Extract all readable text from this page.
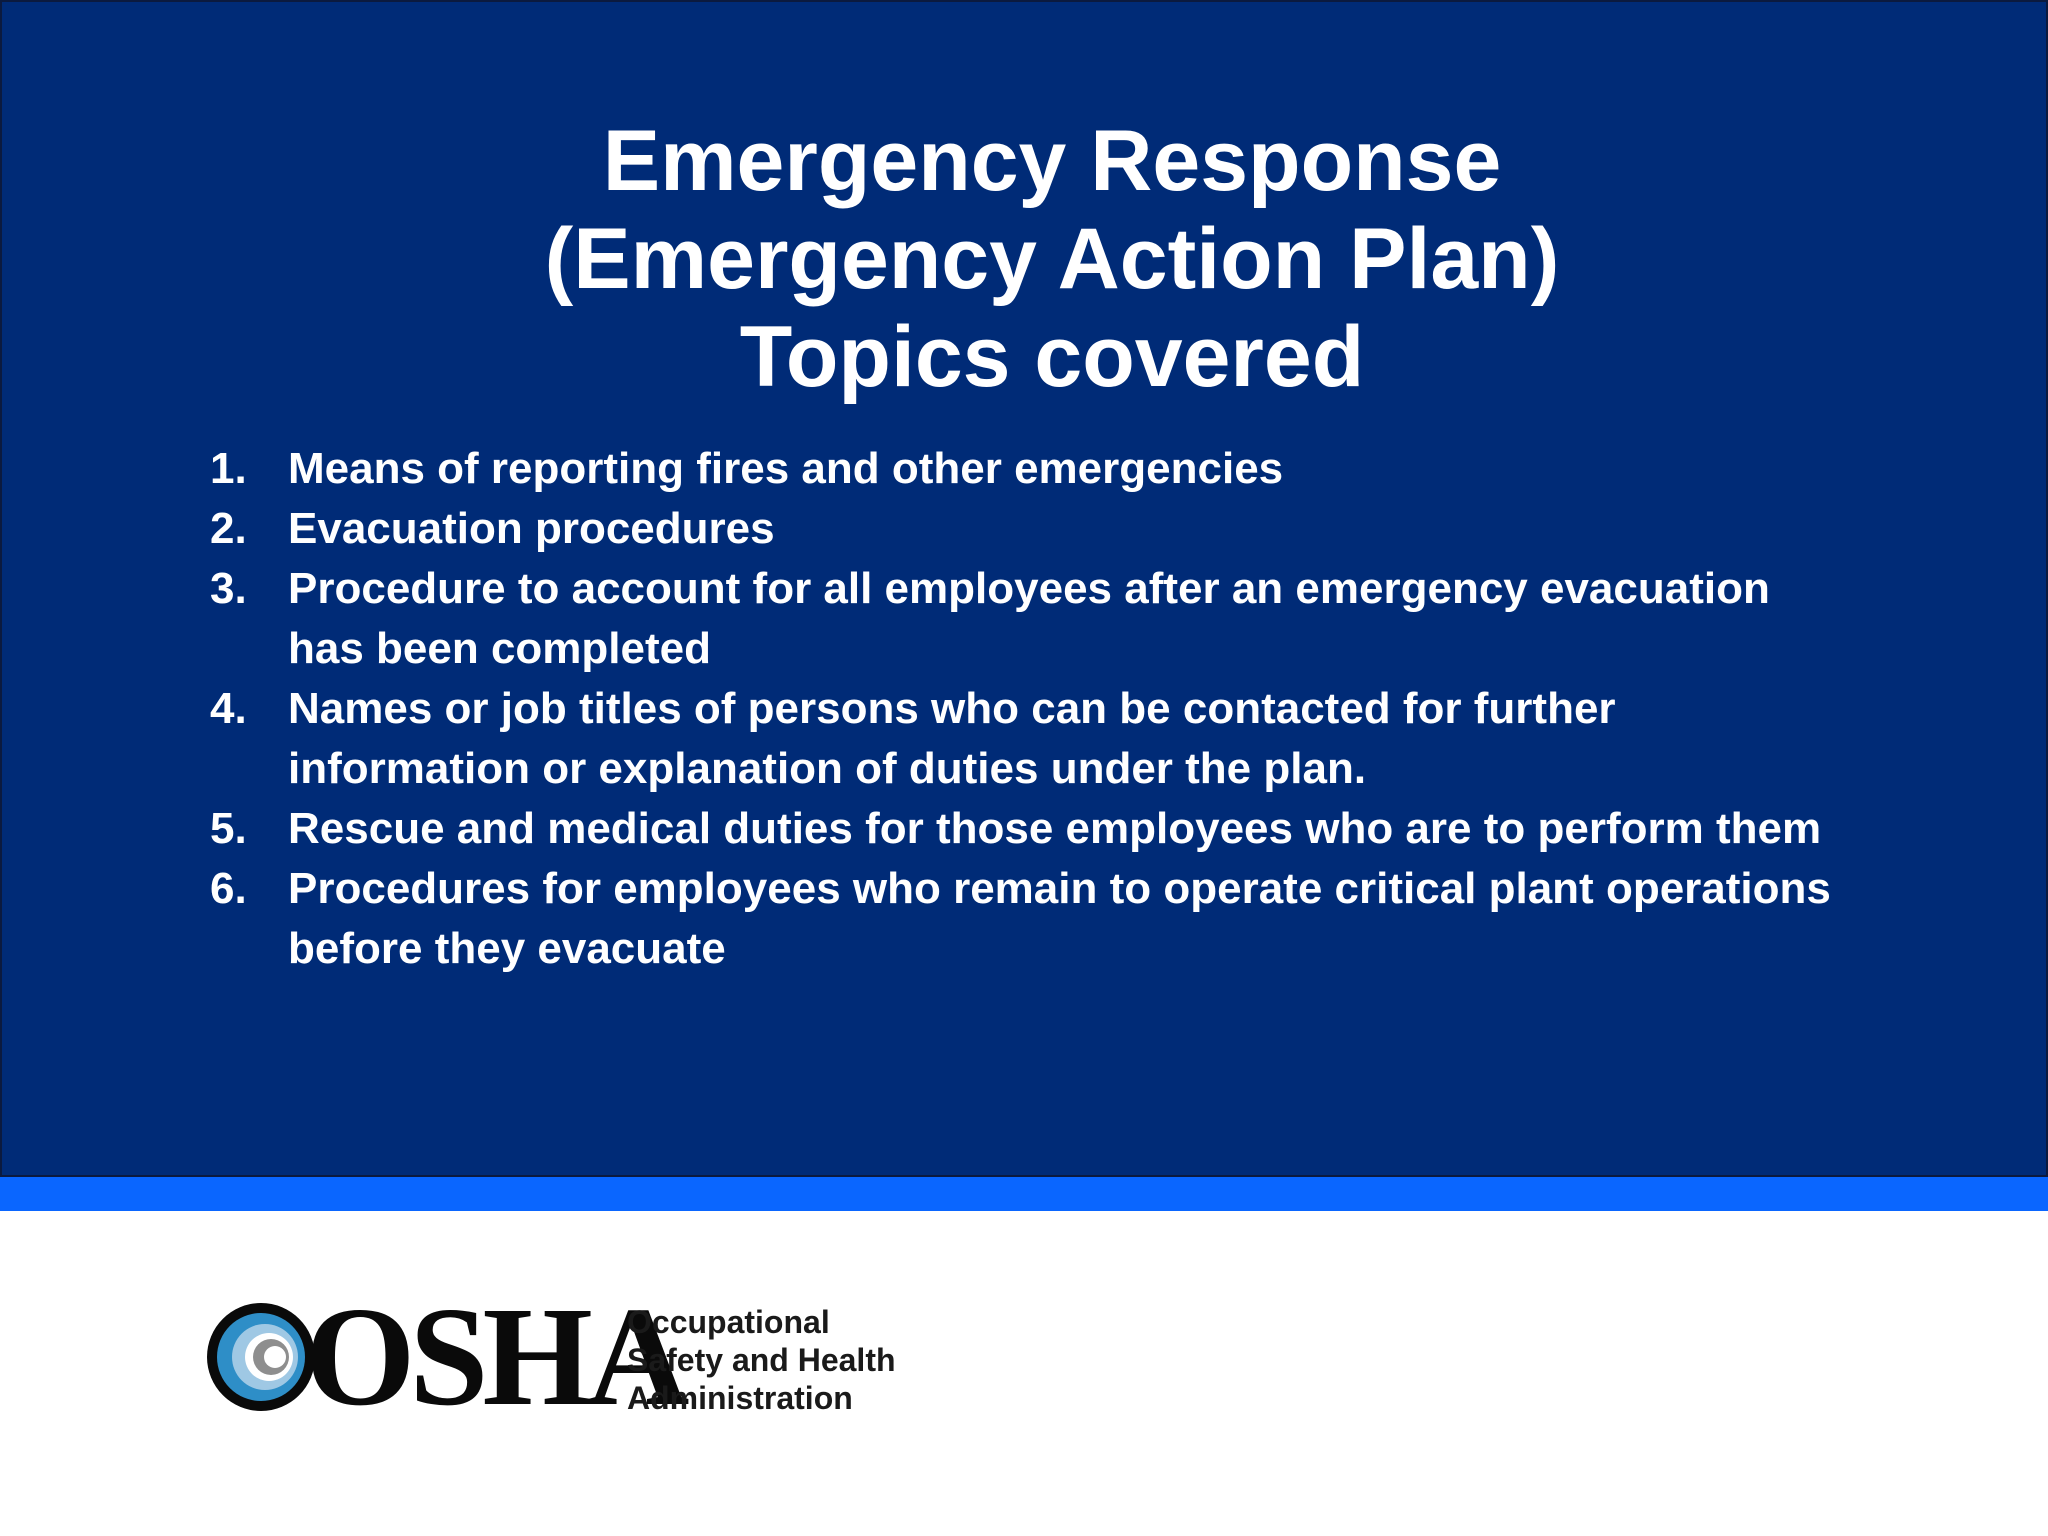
Emergency Response
(Emergency Action Plan)
Topics covered
1. Means of reporting fires and other emergencies
2. Evacuation procedures
3. Procedure to account for all employees after an emergency evacuation has been completed
4. Names or job titles of persons who can be contacted for further information or explanation of duties under the plan.
5. Rescue and medical duties for those employees who are to perform them
6. Procedures for employees who remain to operate critical plant operations before they evacuate
OSHA
Occupational
Safety and Health
Administration
